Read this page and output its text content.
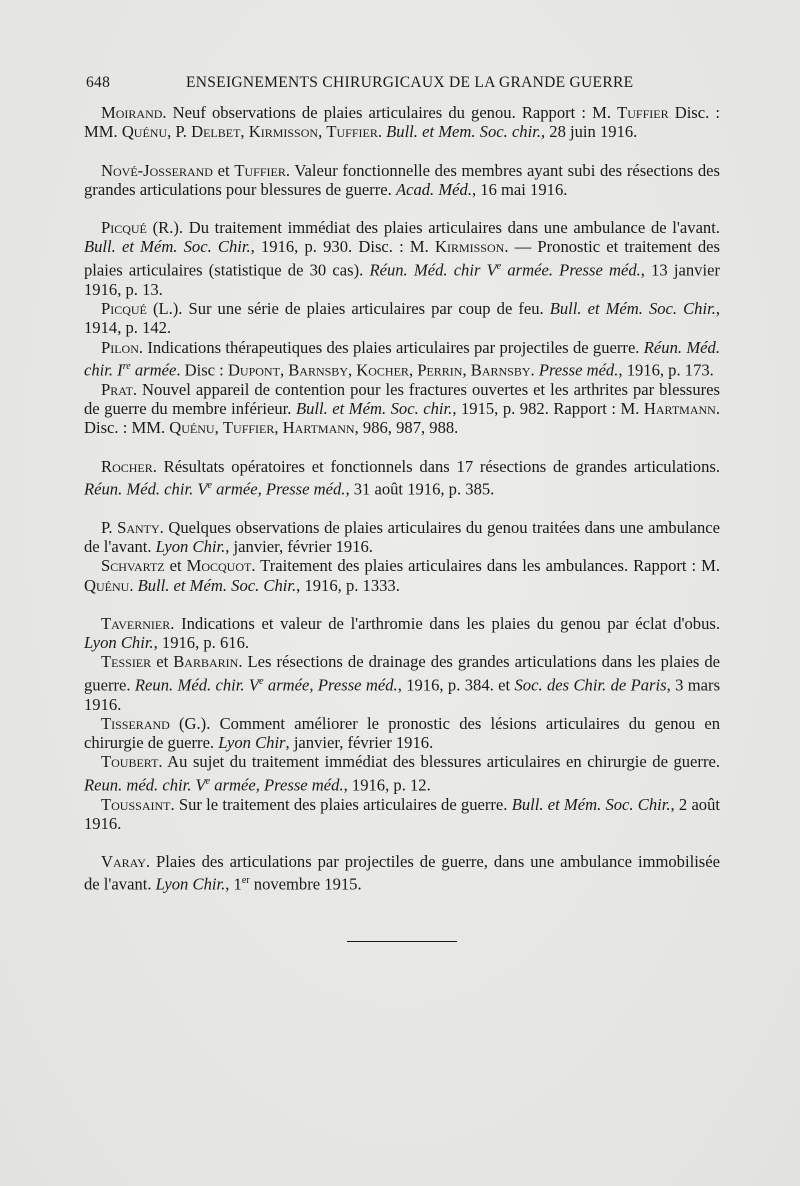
648	ENSEIGNEMENTS CHIRURGICAUX DE LA GRANDE GUERRE
Moirand. Neuf observations de plaies articulaires du genou. Rapport : M. Tuffier Disc. : MM. Quénu, P. Delbet, Kirmisson, Tuffier. Bull. et Mem. Soc. chir., 28 juin 1916.
Nové-Josserand et Tuffier. Valeur fonctionnelle des membres ayant subi des résections des grandes articulations pour blessures de guerre. Acad. Méd., 16 mai 1916.
Picqué (R.). Du traitement immédiat des plaies articulaires dans une ambulance de l'avant. Bull. et Mém. Soc. Chir., 1916, p. 930. Disc. : M. Kirmisson. — Pronostic et traitement des plaies articulaires (statistique de 30 cas). Réun. Méd. chir Ve armée. Presse méd., 13 janvier 1916, p. 13.
Picqué (L.). Sur une série de plaies articulaires par coup de feu. Bull. et Mém. Soc. Chir., 1914, p. 142.
Pilon. Indications thérapeutiques des plaies articulaires par projectiles de guerre. Réun. Méd. chir. Ire armée. Disc : Dupont, Barnsby, Kocher, Perrin, Barnsby. Presse méd., 1916, p. 173.
Prat. Nouvel appareil de contention pour les fractures ouvertes et les arthrites par blessures de guerre du membre inférieur. Bull. et Mém. Soc. chir., 1915, p. 982. Rapport : M. Hartmann. Disc. : MM. Quénu, Tuffier, Hartmann, 986, 987, 988.
Rocher. Résultats opératoires et fonctionnels dans 17 résections de grandes articulations. Réun. Méd. chir. Ve armée, Presse méd., 31 août 1916, p. 385.
P. Santy. Quelques observations de plaies articulaires du genou traitées dans une ambulance de l'avant. Lyon Chir., janvier, février 1916.
Schvartz et Mocquot. Traitement des plaies articulaires dans les ambulances. Rapport : M. Quénu. Bull. et Mém. Soc. Chir., 1916, p. 1333.
Tavernier. Indications et valeur de l'arthromie dans les plaies du genou par éclat d'obus. Lyon Chir., 1916, p. 616.
Tessier et Barbarin. Les résections de drainage des grandes articulations dans les plaies de guerre. Reun. Méd. chir. Ve armée, Presse méd., 1916, p. 384. et Soc. des Chir. de Paris, 3 mars 1916.
Tisserand (G.). Comment améliorer le pronostic des lésions articulaires du genou en chirurgie de guerre. Lyon Chir, janvier, février 1916.
Toubert. Au sujet du traitement immédiat des blessures articulaires en chirurgie de guerre. Reun. méd. chir. Ve armée, Presse méd., 1916, p. 12.
Toussaint. Sur le traitement des plaies articulaires de guerre. Bull. et Mém. Soc. Chir., 2 août 1916.
Varay. Plaies des articulations par projectiles de guerre, dans une ambulance immobilisée de l'avant. Lyon Chir., 1er novembre 1915.
